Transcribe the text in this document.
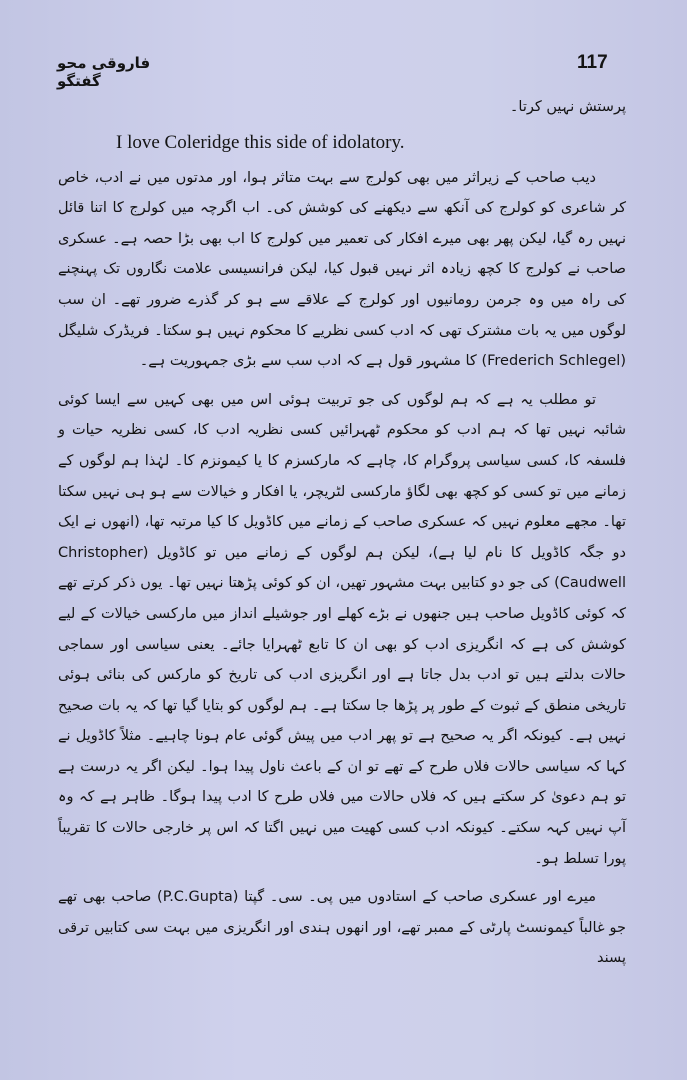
117
فاروقی محو گفتگو

پرستش نہیں کرتا۔

I love Coleridge this side of idolatory.

دیب صاحب کے زیراثر میں بھی کولرج سے بہت متاثر ہوا، اور مدتوں میں نے ادب، خاص کر شاعری کو کولرج کی آنکھ سے دیکھنے کی کوشش کی۔ اب اگرچہ میں کولرج کا اتنا قائل نہیں رہ گیا، لیکن پھر بھی میرے افکار کی تعمیر میں کولرج کا اب بھی بڑا حصہ ہے۔ عسکری صاحب نے کولرج کا کچھ زیادہ اثر نہیں قبول کیا، لیکن فرانسیسی علامت نگاروں تک پہنچنے کی راہ میں وہ جرمن رومانیوں اور کولرج کے علاقے سے ہو کر گذرے ضرور تھے۔ ان سب لوگوں میں یہ بات مشترک تھی کہ ادب کسی نظریے کا محکوم نہیں ہو سکتا۔ فریڈرک شلیگل (Frederich Schlegel) کا مشہور قول ہے کہ ادب سب سے بڑی جمہوریت ہے۔

تو مطلب یہ ہے کہ ہم لوگوں کی جو تربیت ہوئی اس میں بھی کہیں سے ایسا کوئی شائبہ نہیں تھا کہ ہم ادب کو محکوم ٹھہرائیں کسی نظریہ ادب کا، کسی نظریہ حیات و فلسفہ کا، کسی سیاسی پروگرام کا، چاہے کہ مارکسزم کا یا کیمونزم کا۔ لہٰذا ہم لوگوں کے زمانے میں تو کسی کو کچھ بھی لگاؤ مارکسی لٹریچر، یا افکار و خیالات سے ہو ہی نہیں سکتا تھا۔ مجھے معلوم نہیں کہ عسکری صاحب کے زمانے میں کاڈویل کا کیا مرتبہ تھا، (انھوں نے ایک دو جگہ کاڈویل کا نام لیا ہے)، لیکن ہم لوگوں کے زمانے میں تو کاڈویل (Christopher Caudwell) کی جو دو کتابیں بہت مشہور تھیں، ان کو کوئی پڑھتا نہیں تھا۔ یوں ذکر کرتے تھے کہ کوئی کاڈویل صاحب ہیں جنھوں نے بڑے کھلے اور جوشیلے انداز میں مارکسی خیالات کے لیے کوشش کی ہے کہ انگریزی ادب کو بھی ان کا تابع ٹھہرایا جائے۔ یعنی سیاسی اور سماجی حالات بدلتے ہیں تو ادب بدل جاتا ہے اور انگریزی ادب کی تاریخ کو مارکس کی بنائی ہوئی تاریخی منطق کے ثبوت کے طور پر پڑھا جا سکتا ہے۔ ہم لوگوں کو بتایا گیا تھا کہ یہ بات صحیح نہیں ہے۔ کیونکہ اگر یہ صحیح ہے تو پھر ادب میں پیش گوئی عام ہونا چاہیے۔ مثلاً کاڈویل نے کہا کہ سیاسی حالات فلاں طرح کے تھے تو ان کے باعث ناول پیدا ہوا۔ لیکن اگر یہ درست ہے تو ہم دعویٰ کر سکتے ہیں کہ فلاں حالات میں فلاں طرح کا ادب پیدا ہوگا۔ ظاہر ہے کہ وہ آپ نہیں کہہ سکتے۔ کیونکہ ادب کسی کھیت میں نہیں اگتا کہ اس پر خارجی حالات کا تقریباً پورا تسلط ہو۔

میرے اور عسکری صاحب کے استادوں میں پی۔ سی۔ گپتا (P.C.Gupta) صاحب بھی تھے جو غالباً کیمونسٹ پارٹی کے ممبر تھے، اور انھوں ہندی اور انگریزی میں بہت سی کتابیں ترقی پسند
